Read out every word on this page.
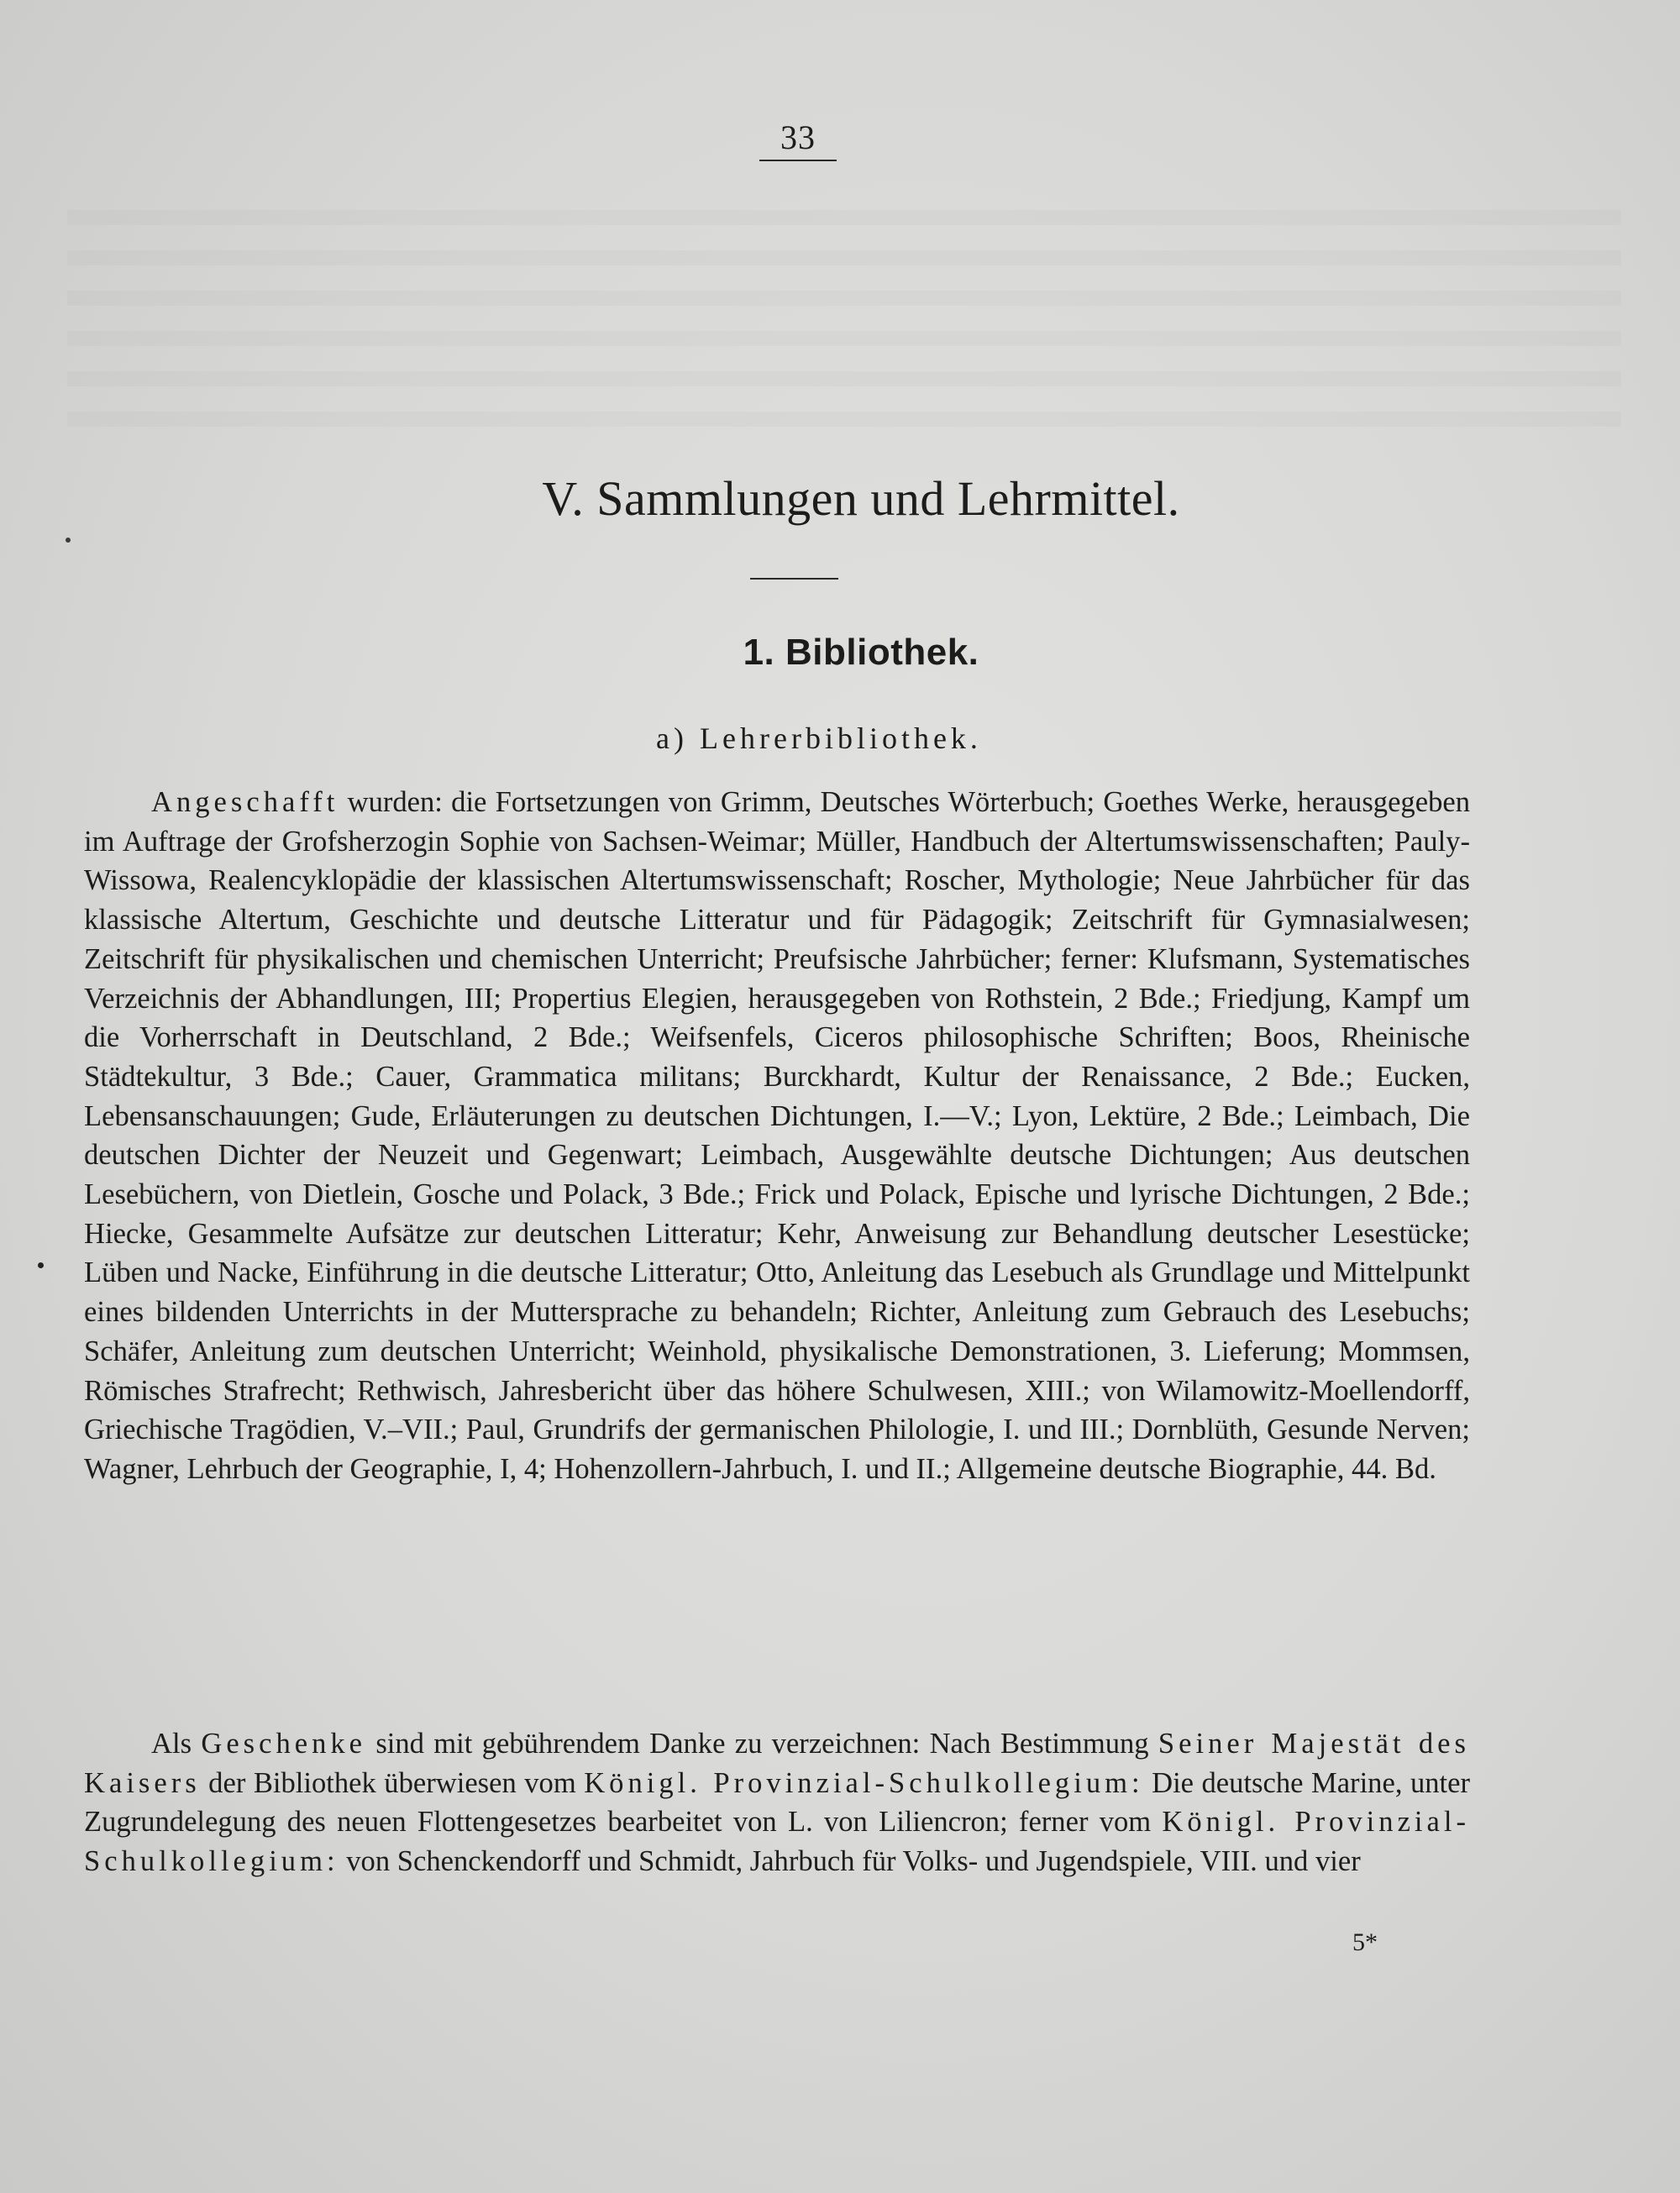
33
V. Sammlungen und Lehrmittel.
1. Bibliothek.
a) Lehrerbibliothek.

Angeschafft wurden: die Fortsetzungen von Grimm, Deutsches Wörterbuch; Goethes Werke, herausgegeben im Auftrage der Grofsherzogin Sophie von Sachsen-Weimar; Müller, Handbuch der Altertumswissenschaften; Pauly-Wissowa, Realencyklopädie der klassischen Altertumswissenschaft; Roscher, Mythologie; Neue Jahrbücher für das klassische Altertum, Geschichte und deutsche Litteratur und für Pädagogik; Zeitschrift für Gymnasialwesen; Zeitschrift für physikalischen und chemischen Unterricht; Preufsische Jahrbücher; ferner: Klufsmann, Systematisches Verzeichnis der Abhandlungen, III; Propertius Elegien, herausgegeben von Rothstein, 2 Bde.; Friedjung, Kampf um die Vorherrschaft in Deutschland, 2 Bde.; Weifsenfels, Ciceros philosophische Schriften; Boos, Rheinische Städtekultur, 3 Bde.; Cauer, Grammatica militans; Burckhardt, Kultur der Renaissance, 2 Bde.; Eucken, Lebensanschauungen; Gude, Erläuterungen zu deutschen Dichtungen, I.—V.; Lyon, Lektüre, 2 Bde.; Leimbach, Die deutschen Dichter der Neuzeit und Gegenwart; Leimbach, Ausgewählte deutsche Dichtungen; Aus deutschen Lesebüchern, von Dietlein, Gosche und Polack, 3 Bde.; Frick und Polack, Epische und lyrische Dichtungen, 2 Bde.; Hiecke, Gesammelte Aufsätze zur deutschen Litteratur; Kehr, Anweisung zur Behandlung deutscher Lesestücke; Lüben und Nacke, Einführung in die deutsche Litteratur; Otto, Anleitung das Lesebuch als Grundlage und Mittelpunkt eines bildenden Unterrichts in der Muttersprache zu behandeln; Richter, Anleitung zum Gebrauch des Lesebuchs; Schäfer, Anleitung zum deutschen Unterricht; Weinhold, physikalische Demonstrationen, 3. Lieferung; Mommsen, Römisches Strafrecht; Rethwisch, Jahresbericht über das höhere Schulwesen, XIII.; von Wilamowitz-Moellendorff, Griechische Tragödien, V.–VII.; Paul, Grundrifs der germanischen Philologie, I. und III.; Dornblüth, Gesunde Nerven; Wagner, Lehrbuch der Geographie, I, 4; Hohenzollern-Jahrbuch, I. und II.; Allgemeine deutsche Biographie, 44. Bd.

Als Geschenke sind mit gebührendem Danke zu verzeichnen: Nach Bestimmung Seiner Majestät des Kaisers der Bibliothek überwiesen vom Königl. Provinzial-Schulkollegium: Die deutsche Marine, unter Zugrundelegung des neuen Flottengesetzes bearbeitet von L. von Liliencron; ferner vom Königl. Provinzial-Schulkollegium: von Schenckendorff und Schmidt, Jahrbuch für Volks- und Jugendspiele, VIII. und vier

5*
